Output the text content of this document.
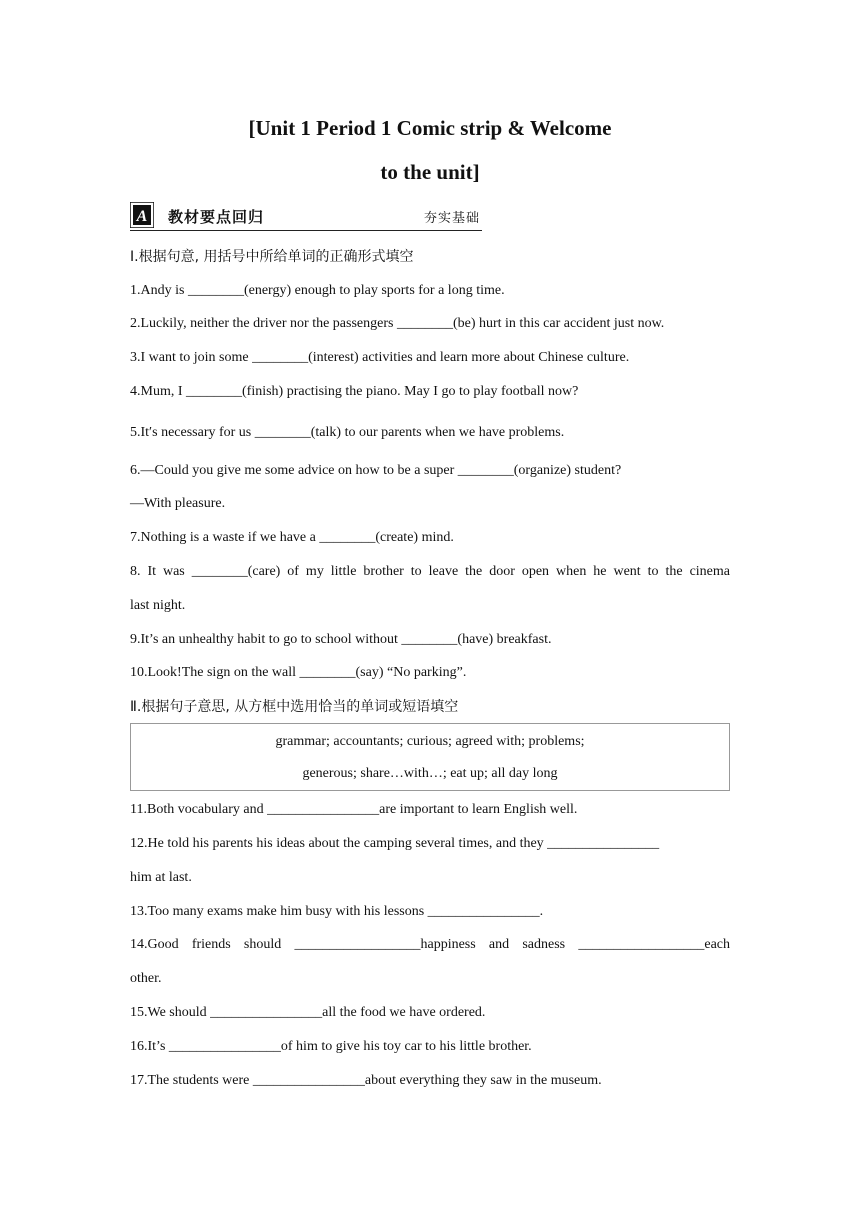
[Unit 1 Period 1 Comic strip & Welcome
to the unit]
A 教材要点回归	夯实基础
Ⅰ.根据句意, 用括号中所给单词的正确形式填空
1.Andy is ________(energy) enough to play sports for a long time.
2.Luckily, neither the driver nor the passengers ________(be) hurt in this car accident just now.
3.I want to join some ________(interest) activities and learn more about Chinese culture.
4.Mum, I ________(finish) practising the piano. May I go to play football now?
5.It′s necessary for us ________(talk) to our parents when we have problems.
6.—Could you give me some advice on how to be a super ________(organize) student?
—With pleasure.
7.Nothing is a waste if we have a ________(create) mind.
8. It was ________(care) of my little brother to leave the door open when he went to the cinema
last night.
9.It’s an unhealthy habit to go to school without ________(have) breakfast.
10.Look!The sign on the wall ________(say) “No parking”.
Ⅱ.根据句子意思, 从方框中选用恰当的单词或短语填空
grammar; accountants; curious; agreed with; problems;
generous; share…with…; eat up; all day long
11.Both vocabulary and ________________are important to learn English well.
12.He told his parents his ideas about the camping several times, and they ________________
him at last.
13.Too many exams make him busy with his lessons ________________.
14.Good friends should __________________happiness and sadness __________________each
other.
15.We should ________________all the food we have ordered.
16.It’s ________________of him to give his toy car to his little brother.
17.The students were ________________about everything they saw in the museum.
